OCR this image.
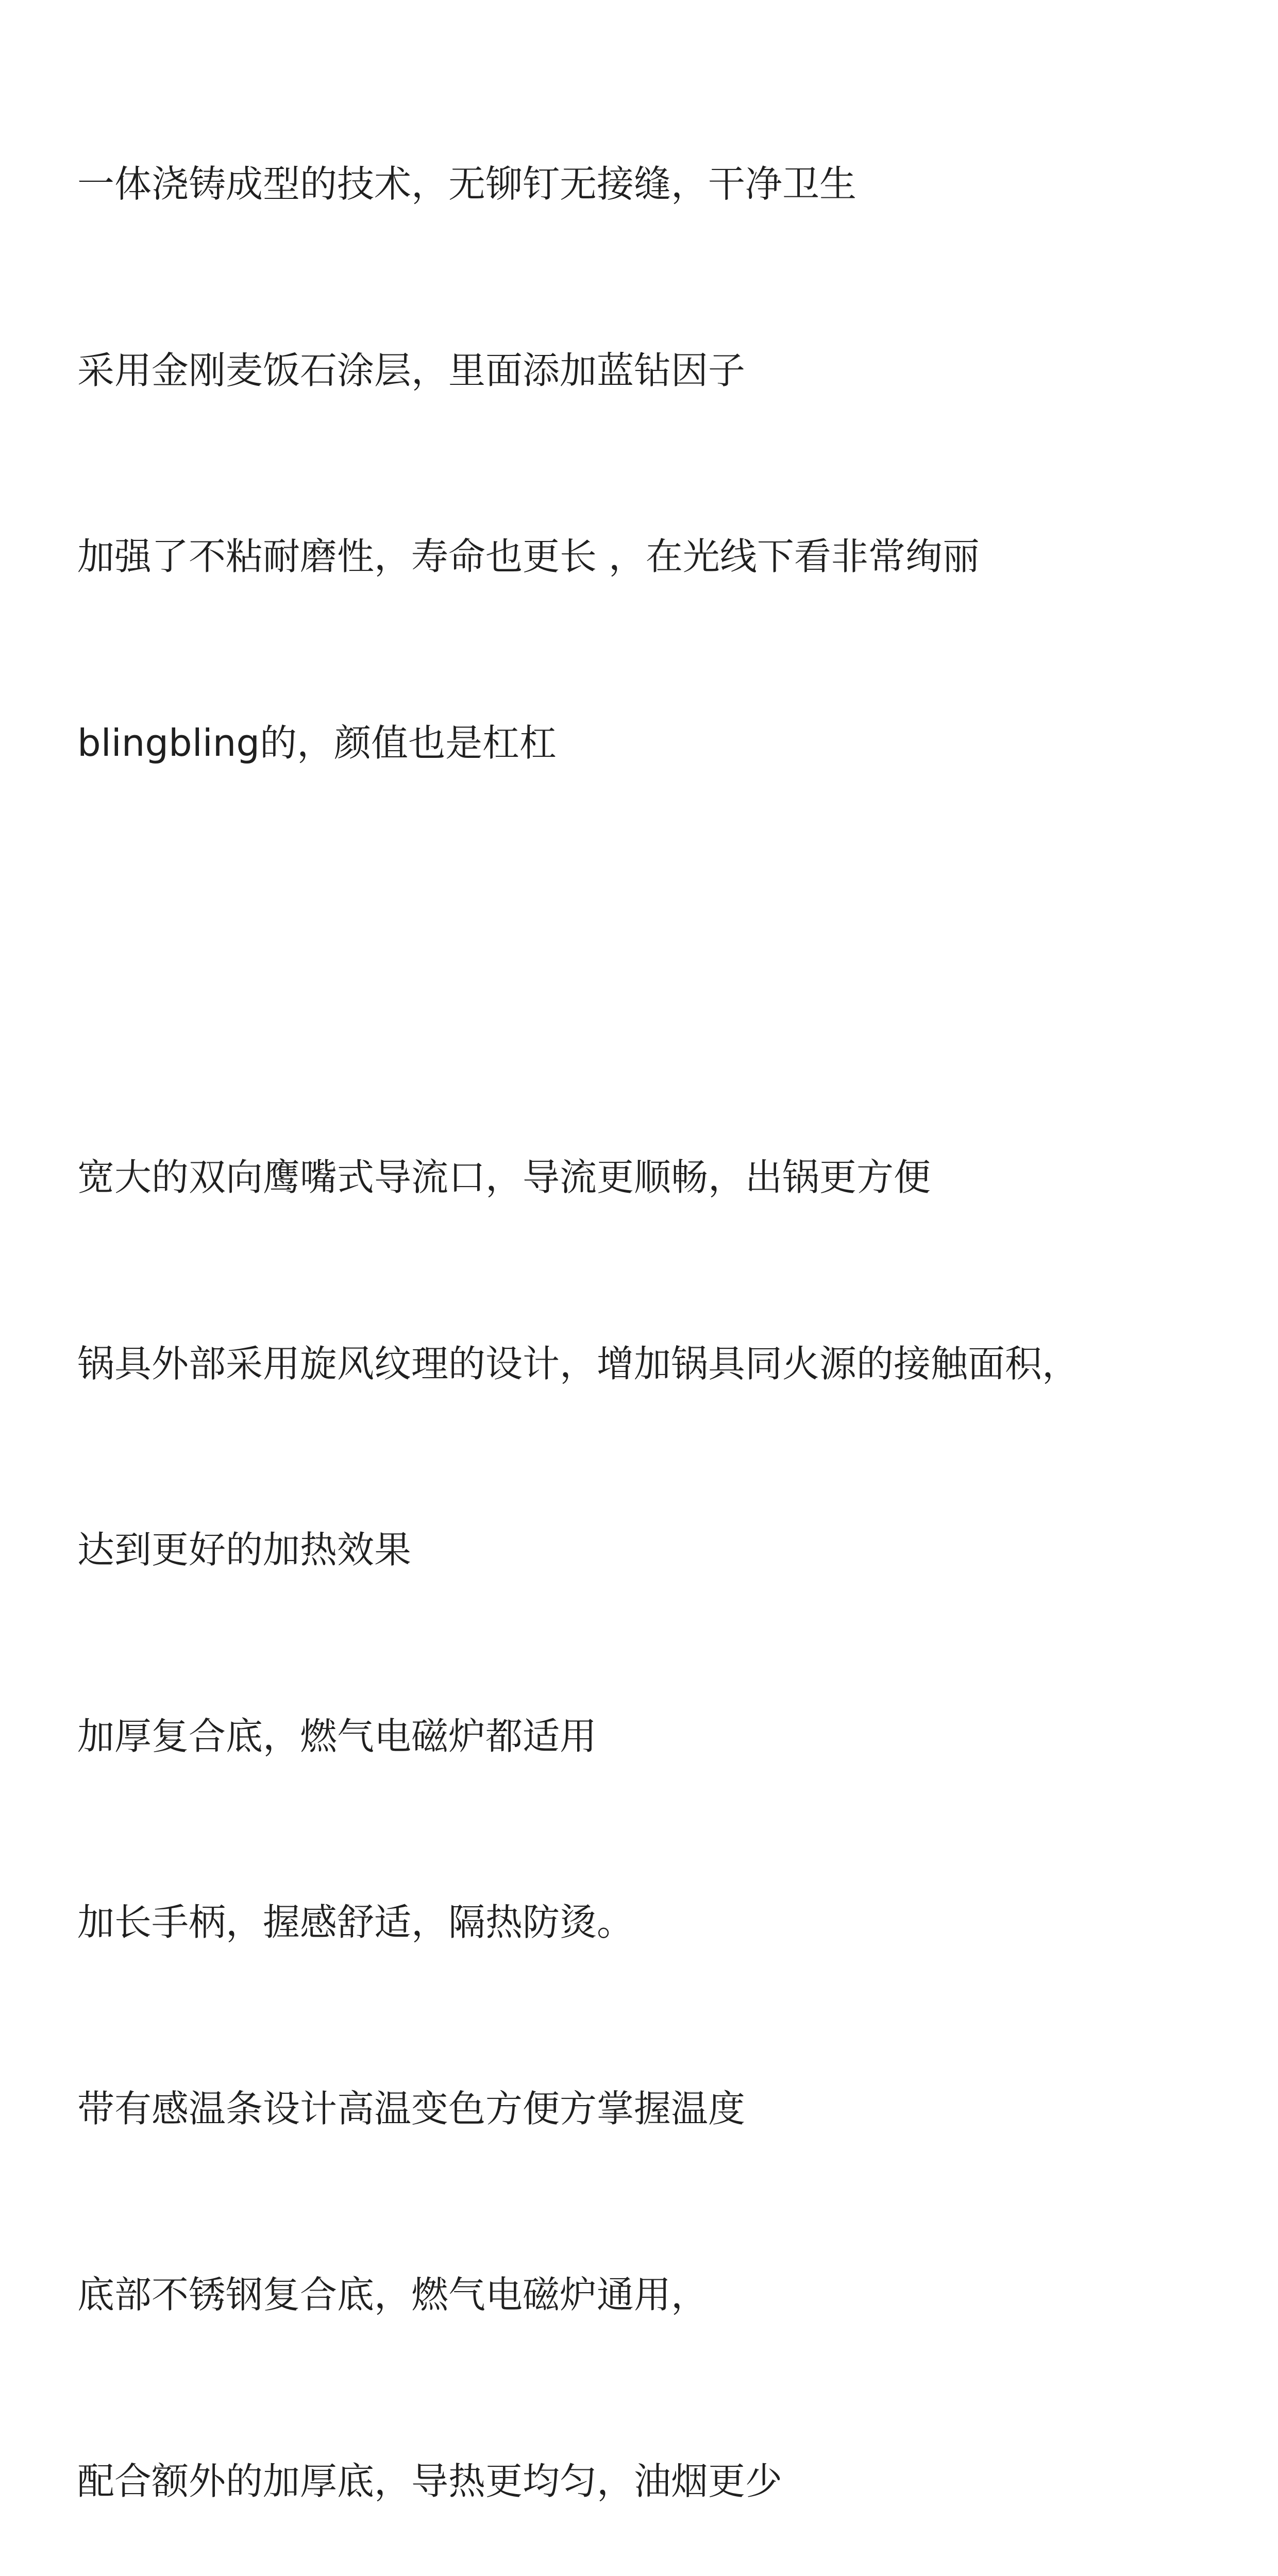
一体浇铸成型的技术，无铆钉无接缝，干净卫生

采用金刚麦饭石涂层，里面添加蓝钻因子

加强了不粘耐磨性，寿命也更长 ，在光线下看非常绚丽

blingbling的，颜值也是杠杠

宽大的双向鹰嘴式导流口，导流更顺畅，出锅更方便

锅具外部采用旋风纹理的设计，增加锅具同火源的接触面积，

达到更好的加热效果

加厚复合底，燃气电磁炉都适用

加长手柄，握感舒适，隔热防烫。

带有感温条设计高温变色方便方掌握温度

底部不锈钢复合底，燃气电磁炉通用，

配合额外的加厚底，导热更均匀，油烟更少
